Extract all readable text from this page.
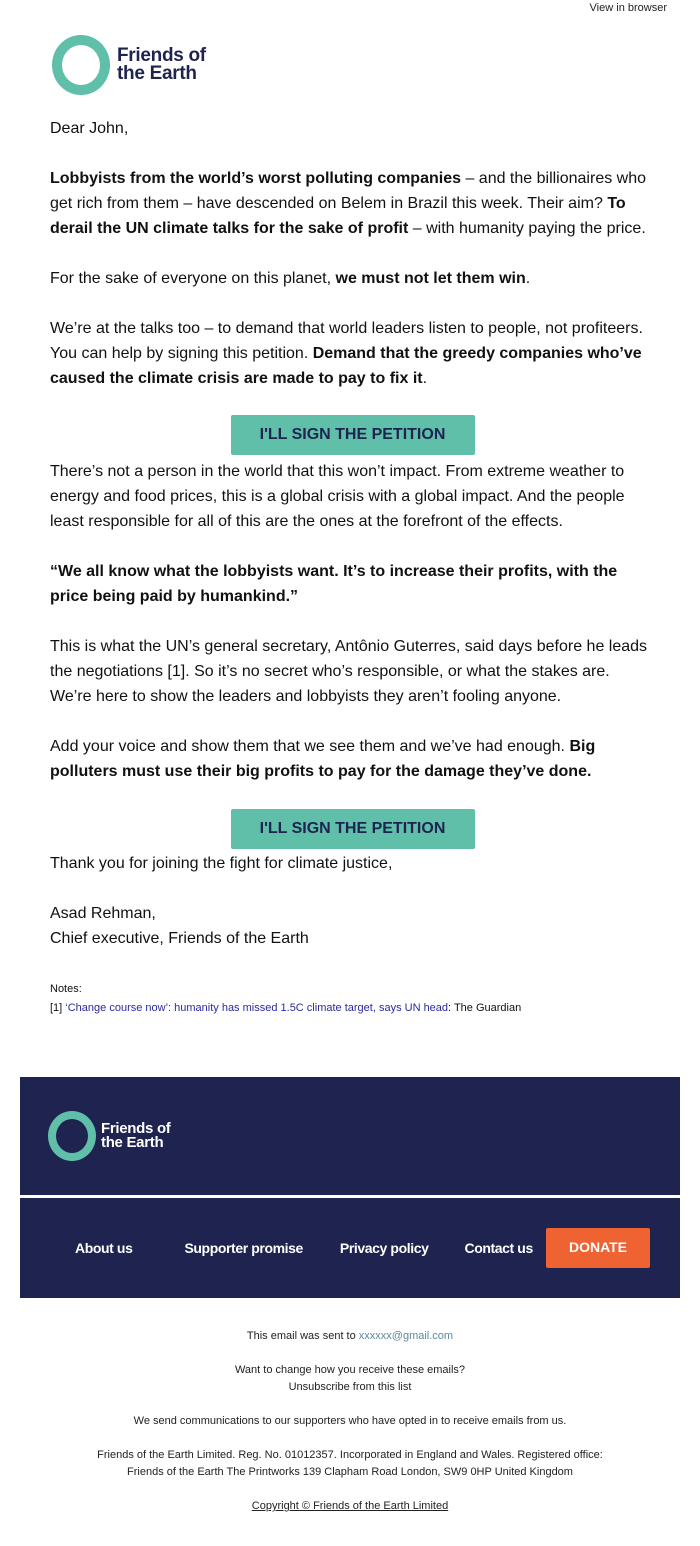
View in browser
Friends of
the Earth

Dear John,

Lobbyists from the world’s worst polluting companies – and the billionaires who get rich from them – have descended on Belem in Brazil this week. Their aim? To derail the UN climate talks for the sake of profit – with humanity paying the price.

For the sake of everyone on this planet, we must not let them win.

We’re at the talks too – to demand that world leaders listen to people, not profiteers. You can help by signing this petition. Demand that the greedy companies who’ve caused the climate crisis are made to pay to fix it.

I'LL SIGN THE PETITION

There’s not a person in the world that this won’t impact. From extreme weather to energy and food prices, this is a global crisis with a global impact. And the people least responsible for all of this are the ones at the forefront of the effects.

“We all know what the lobbyists want. It’s to increase their profits, with the price being paid by humankind.”

This is what the UN’s general secretary, Antônio Guterres, said days before he leads the negotiations [1]. So it’s no secret who’s responsible, or what the stakes are. We’re here to show the leaders and lobbyists they aren’t fooling anyone.

Add your voice and show them that we see them and we’ve had enough. Big polluters must use their big profits to pay for the damage they’ve done.

I'LL SIGN THE PETITION

Thank you for joining the fight for climate justice,

Asad Rehman,

Chief executive, Friends of the Earth

Notes:
[1] ‘Change course now’: humanity has missed 1.5C climate target, says UN head: The Guardian
Friends of
the Earth
About us	Supporter promise	Privacy policy	Contact us	DONATE

This email was sent to xxxxxx@gmail.com

Want to change how you receive these emails?

Unsubscribe from this list

We send communications to our supporters who have opted in to receive emails from us.

Friends of the Earth Limited. Reg. No. 01012357. Incorporated in England and Wales. Registered office:

Friends of the Earth The Printworks 139 Clapham Road London, SW9 0HP United Kingdom

Copyright © Friends of the Earth Limited
